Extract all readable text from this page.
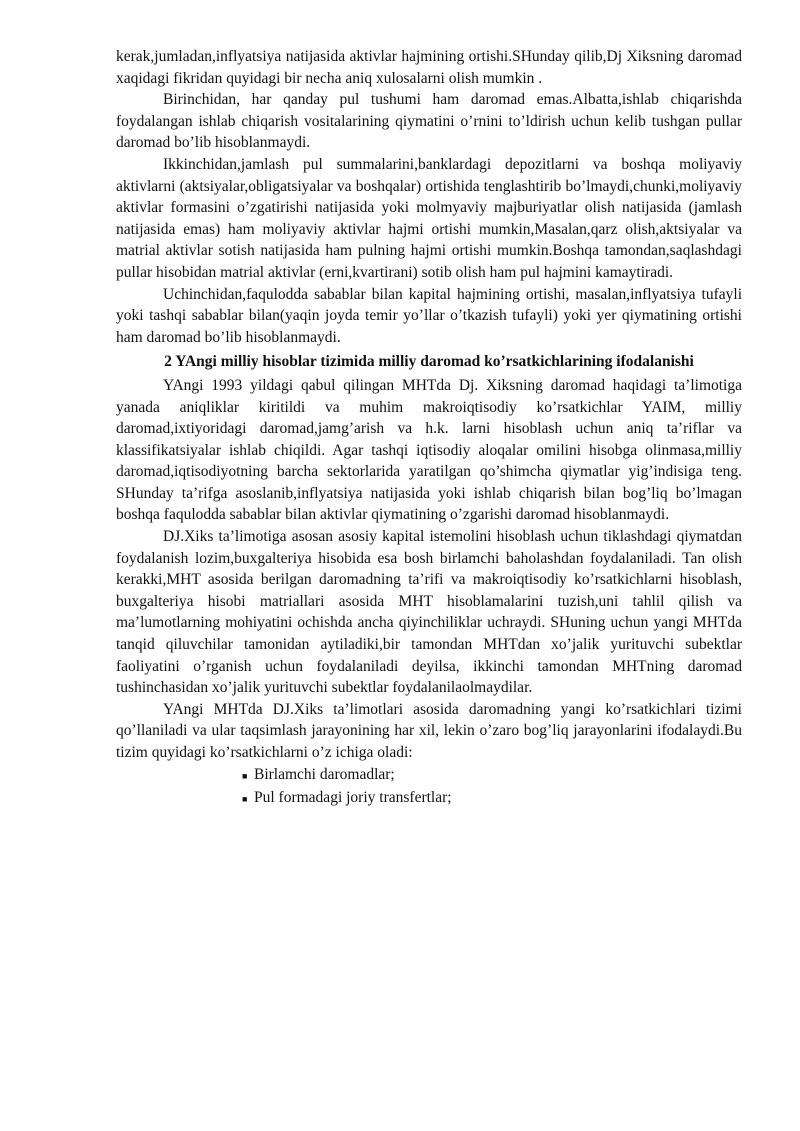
kerak,jumladan,inflyatsiya natijasida aktivlar hajmining ortishi.SHunday qilib,Dj Xiksning daromad xaqidagi fikridan quyidagi bir necha aniq xulosalarni olish mumkin .

Birinchidan, har qanday pul tushumi ham daromad emas.Albatta,ishlab chiqarishda foydalangan ishlab chiqarish vositalarining qiymatini o’rnini to’ldirish uchun kelib tushgan pullar daromad bo’lib hisoblanmaydi.

Ikkinchidan,jamlash pul summalarini,banklardagi depozitlarni va boshqa moliyaviy aktivlarni (aktsiyalar,obligatsiyalar va boshqalar) ortishida tenglashtirib bo’lmaydi,chunki,moliyaviy aktivlar formasini o’zgatirishi natijasida yoki molmyaviy majburiyatlar olish natijasida (jamlash natijasida emas) ham moliyaviy aktivlar hajmi ortishi mumkin,Masalan,qarz olish,aktsiyalar va matrial aktivlar sotish natijasida ham pulning hajmi ortishi mumkin.Boshqa tamondan,saqlashdagi pullar hisobidan matrial aktivlar (erni,kvartirani) sotib olish ham pul hajmini kamaytiradi.

Uchinchidan,faqulodda sabablar bilan kapital hajmining ortishi, masalan,inflyatsiya tufayli yoki tashqi sabablar bilan(yaqin joyda temir yo’llar o’tkazish tufayli) yoki yer qiymatining ortishi ham daromad bo’lib hisoblanmaydi.

2 YAngi milliy hisoblar tizimida milliy daromad ko’rsatkichlarining ifodalanishi

YAngi 1993 yildagi qabul qilingan MHTda Dj. Xiksning daromad haqidagi ta’limotiga yanada aniqliklar kiritildi va muhim makroiqtisodiy ko’rsatkichlar YAIM, milliy daromad,ixtiyoridagi daromad,jamg’arish va h.k. larni hisoblash uchun aniq ta’riflar va klassifikatsiyalar ishlab chiqildi. Agar tashqi iqtisodiy aloqalar omilini hisobga olinmasa,milliy daromad,iqtisodiyotning barcha sektorlarida yaratilgan qo’shimcha qiymatlar yig’indisiga teng. SHunday ta’rifga asoslanib,inflyatsiya natijasida yoki ishlab chiqarish bilan bog’liq bo’lmagan boshqa faqulodda sabablar bilan aktivlar qiymatining o’zgarishi daromad hisoblanmaydi.

DJ.Xiks ta’limotiga asosan asosiy kapital istemolini hisoblash uchun tiklashdagi qiymatdan foydalanish lozim,buxgalteriya hisobida esa bosh birlamchi baholashdan foydalaniladi. Tan olish kerakki,MHT asosida berilgan daromadning ta’rifi va makroiqtisodiy ko’rsatkichlarni hisoblash, buxgalteriya hisobi matriallari asosida MHT hisoblamalarini tuzish,uni tahlil qilish va ma’lumotlarning mohiyatini ochishda ancha qiyinchiliklar uchraydi. SHuning uchun yangi MHTda tanqid qiluvchilar tamonidan aytiladiki,bir tamondan MHTdan xo’jalik yurituvchi subektlar faoliyatini o’rganish uchun foydalaniladi deyilsa, ikkinchi tamondan MHTning daromad tushinchasidan xo’jalik yurituvchi subektlar foydalanilaolmaydilar.

YAngi MHTda DJ.Xiks ta’limotlari asosida daromadning yangi ko’rsatkichlari tizimi qo’llaniladi va ular taqsimlash jarayonining har xil, lekin o’zaro bog’liq jarayonlarini ifodalaydi.Bu tizim quyidagi ko’rsatkichlarni o’z ichiga oladi:

■ Birlamchi daromadlar;
■ Pul formadagi joriy transfertlar;
